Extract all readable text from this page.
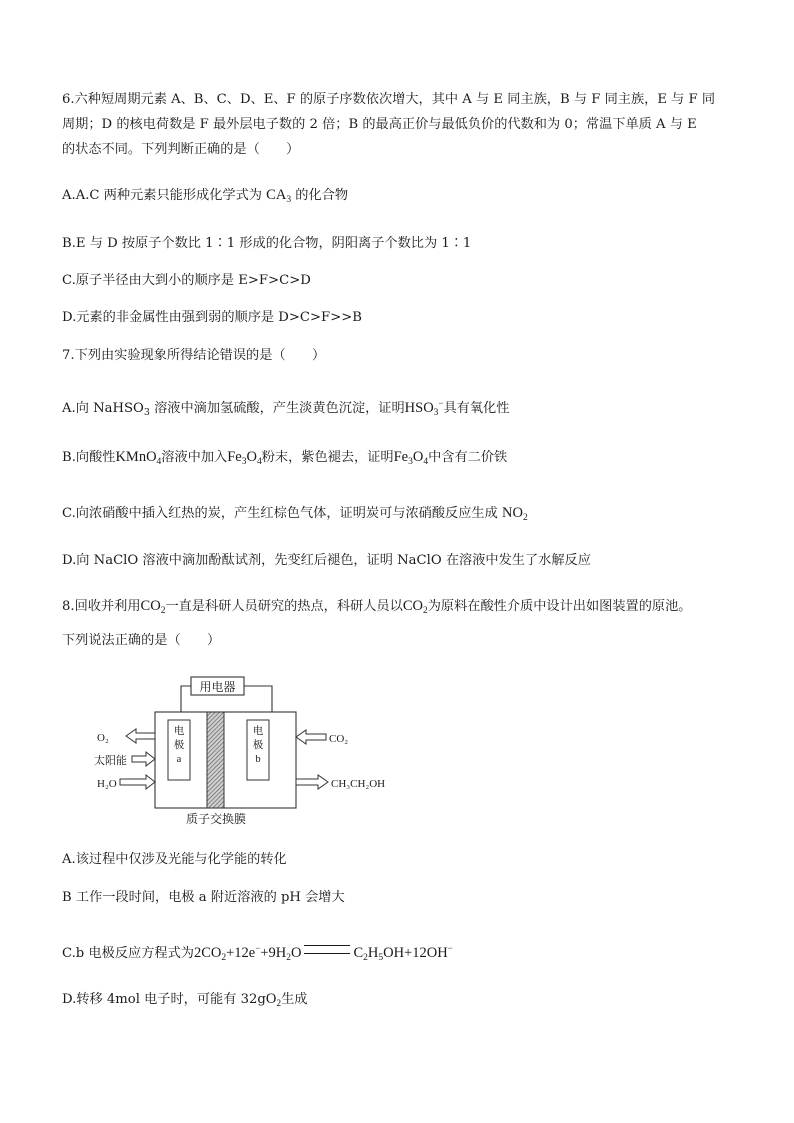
6.六种短周期元素 A、B、C、D、E、F 的原子序数依次增大，其中 A 与 E 同主族，B 与 F 同主族，E 与 F 同
周期；D 的核电荷数是 F 最外层电子数的 2 倍；B 的最高正价与最低负价的代数和为 0；常温下单质 A 与 E
的状态不同。下列判断正确的是（　　）
A.A.C 两种元素只能形成化学式为 $CA_3$ 的化合物
B.E 与 D 按原子个数比 1∶1 形成的化合物，阴阳离子个数比为 1∶1
C.原子半径由大到小的顺序是 E>F>C>D
D.元素的非金属性由强到弱的顺序是 D>C>F>>B
7.下列由实验现象所得结论错误的是（　　）
A.向 NaHSO$_3$ 溶液中滴加氢硫酸，产生淡黄色沉淀，证明$HSO_3^-$具有氧化性
B.向酸性KMnO$_4$溶液中加入$Fe_3O_4$粉末，紫色褪去，证明$Fe_3O_4$中含有二价铁
C.向浓硝酸中插入红热的炭，产生红棕色气体，证明炭可与浓硝酸反应生成 $NO_2$
D.向 NaClO 溶液中滴加酚酞试剂，先变红后褪色，证明 NaClO 在溶液中发生了水解反应
8.回收并利用$CO_2$一直是科研人员研究的热点，科研人员以$CO_2$为原料在酸性介质中设计出如图装置的原池。
下列说法正确的是（　　）
A.该过程中仅涉及光能与化学能的转化
B 工作一段时间，电极 a 附近溶液的 pH 会增大
C.b 电极反应方程式为$2CO_2+12e^-+9H_2O$	$C_2H_5OH+12OH^-$
D.转移 4mol 电子时，可能有 $32gO_2$生成
用电器
电
极
a
电
极
b
O₂
太阳能
H₂O
CO₂
CH₃CH₂OH
质子交换膜
